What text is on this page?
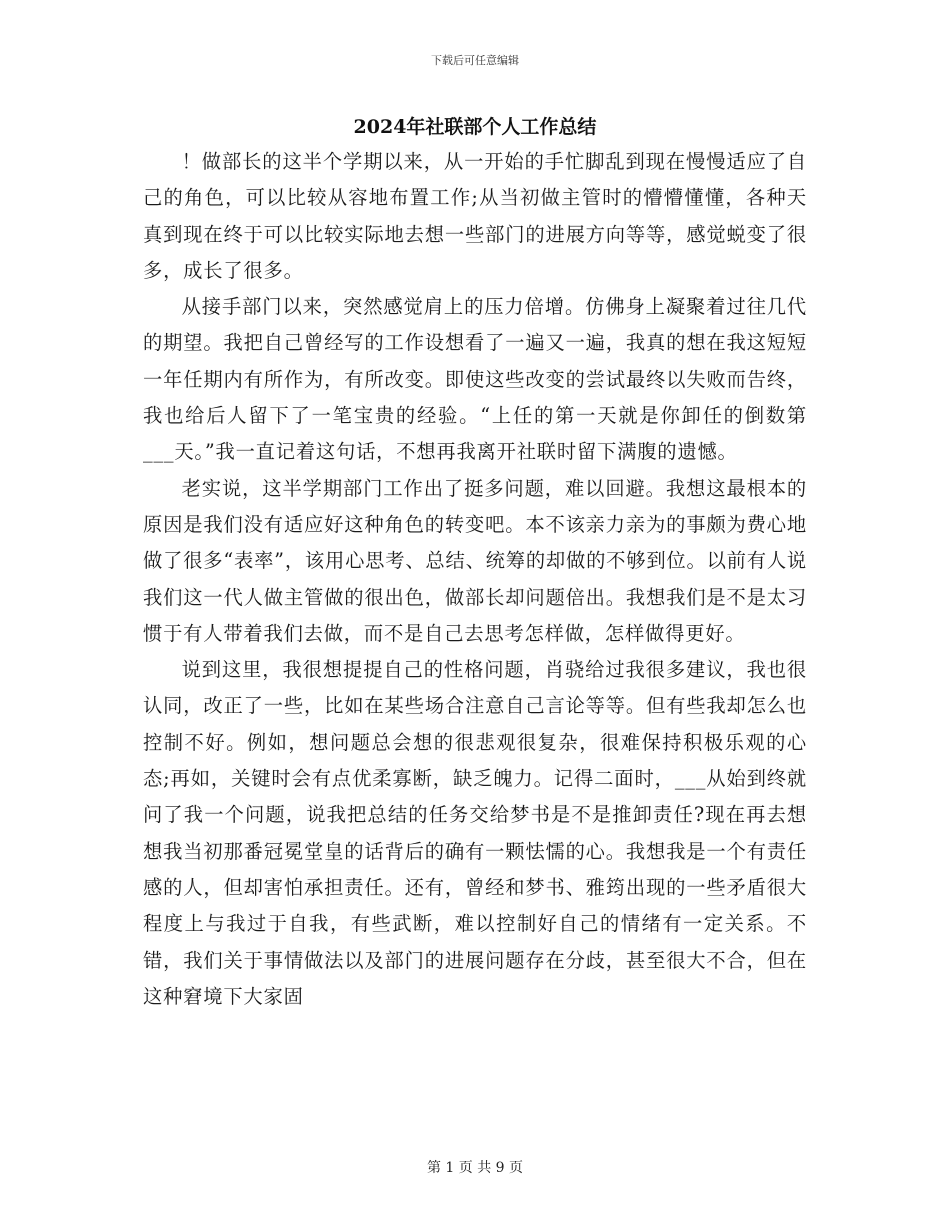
下载后可任意编辑
2024年社联部个人工作总结

！做部长的这半个学期以来，从一开始的手忙脚乱到现在慢慢适应了自己的角色，可以比较从容地布置工作;从当初做主管时的懵懵懂懂，各种天真到现在终于可以比较实际地去想一些部门的进展方向等等，感觉蜕变了很多，成长了很多。

从接手部门以来，突然感觉肩上的压力倍增。仿佛身上凝聚着过往几代的期望。我把自己曾经写的工作设想看了一遍又一遍，我真的想在我这短短一年任期内有所作为，有所改变。即使这些改变的尝试最终以失败而告终，我也给后人留下了一笔宝贵的经验。“上任的第一天就是你卸任的倒数第___天。”我一直记着这句话，不想再我离开社联时留下满腹的遗憾。

老实说，这半学期部门工作出了挺多问题，难以回避。我想这最根本的原因是我们没有适应好这种角色的转变吧。本不该亲力亲为的事颇为费心地做了很多“表率”，该用心思考、总结、统筹的却做的不够到位。以前有人说我们这一代人做主管做的很出色，做部长却问题倍出。我想我们是不是太习惯于有人带着我们去做，而不是自己去思考怎样做，怎样做得更好。

说到这里，我很想提提自己的性格问题，肖骁给过我很多建议，我也很认同，改正了一些，比如在某些场合注意自己言论等等。但有些我却怎么也控制不好。例如，想问题总会想的很悲观很复杂，很难保持积极乐观的心态;再如，关键时会有点优柔寡断，缺乏魄力。记得二面时，___从始到终就问了我一个问题，说我把总结的任务交给梦书是不是推卸责任?现在再去想想我当初那番冠冕堂皇的话背后的确有一颗怯懦的心。我想我是一个有责任感的人，但却害怕承担责任。还有，曾经和梦书、雅筠出现的一些矛盾很大程度上与我过于自我，有些武断，难以控制好自己的情绪有一定关系。不错，我们关于事情做法以及部门的进展问题存在分歧，甚至很大不合，但在这种窘境下大家固

第 1 页 共 9 页
